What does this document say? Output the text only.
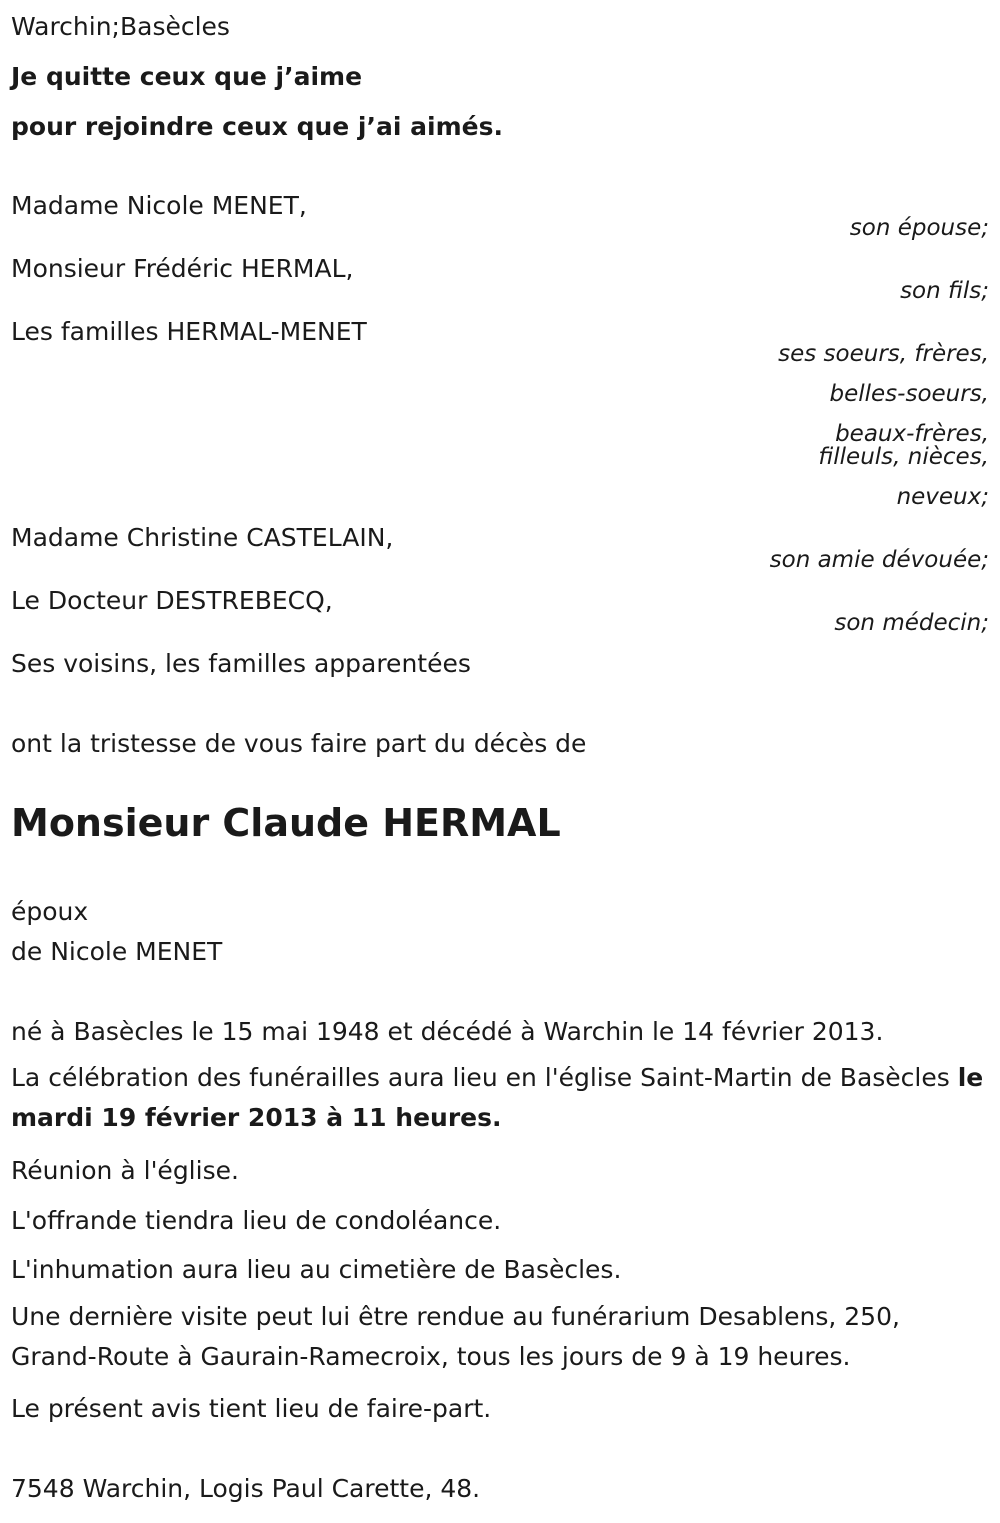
Warchin;Basècles
Je quitte ceux que j’aime
pour rejoindre ceux que j’ai aimés.
Madame Nicole MENET,
son épouse;
Monsieur Frédéric HERMAL,
son fils;
Les familles HERMAL-MENET
ses soeurs, frères,
belles-soeurs,
beaux-frères,
filleuls, nièces,
neveux;
Madame Christine CASTELAIN,
son amie dévouée;
Le Docteur DESTREBECQ,
son médecin;
Ses voisins, les familles apparentées
ont la tristesse de vous faire part du décès de
Monsieur Claude HERMAL
époux
de Nicole MENET
né à Basècles le 15 mai 1948 et décédé à Warchin le 14 février 2013.
La célébration des funérailles aura lieu en l'église Saint-Martin de Basècles le mardi 19 février 2013 à 11 heures.
Réunion à l'église.
L'offrande tiendra lieu de condoléance.
L'inhumation aura lieu au cimetière de Basècles.
Une dernière visite peut lui être rendue au funérarium Desablens, 250, Grand-Route à Gaurain-Ramecroix, tous les jours de 9 à 19 heures.
Le présent avis tient lieu de faire-part.
7548 Warchin, Logis Paul Carette, 48.
